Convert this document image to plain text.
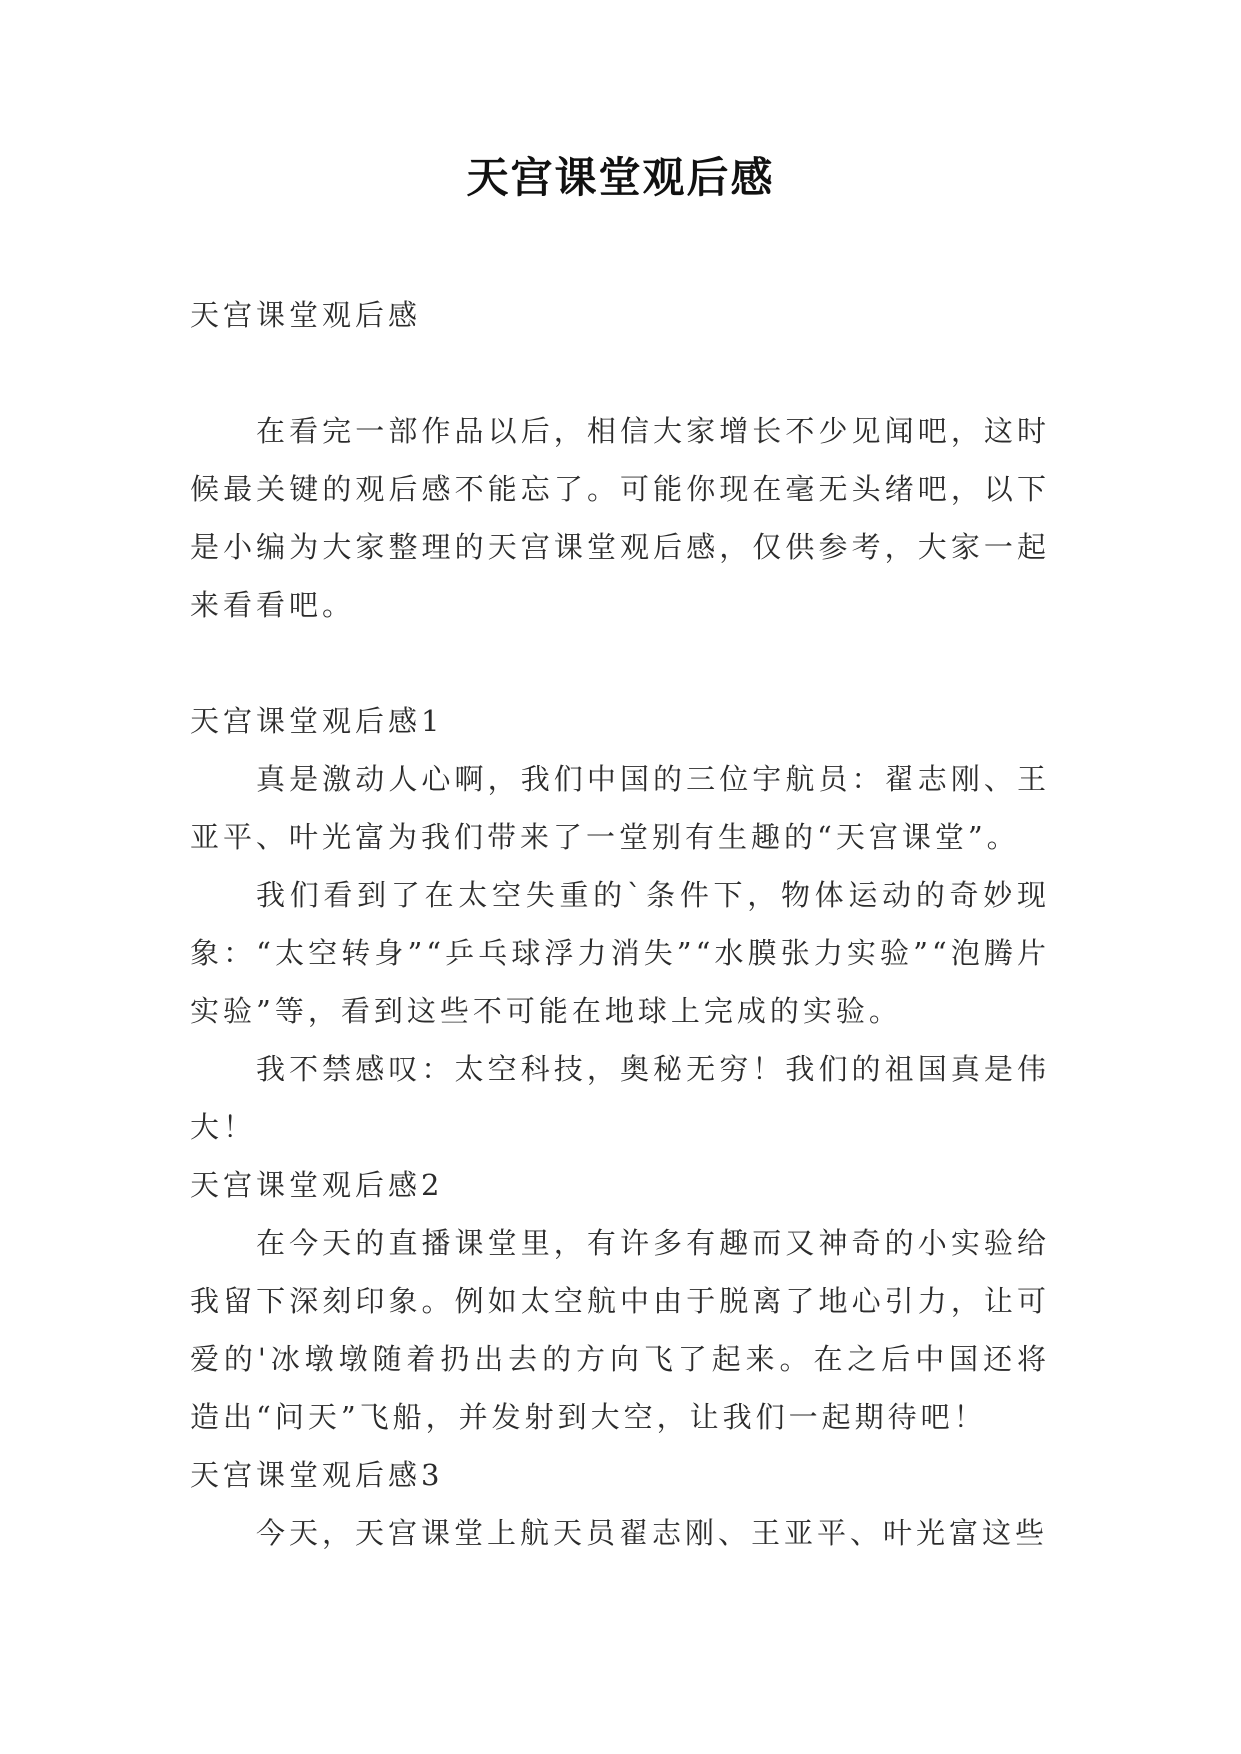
天宫课堂观后感

天宫课堂观后感

在看完一部作品以后，相信大家增长不少见闻吧，这时候最关键的观后感不能忘了。可能你现在毫无头绪吧，以下是小编为大家整理的天宫课堂观后感，仅供参考，大家一起来看看吧。

天宫课堂观后感1

真是激动人心啊，我们中国的三位宇航员：翟志刚、王亚平、叶光富为我们带来了一堂别有生趣的“天宫课堂”。

我们看到了在太空失重的`条件下，物体运动的奇妙现象：“太空转身”“乒乓球浮力消失”“水膜张力实验”“泡腾片实验”等，看到这些不可能在地球上完成的实验。

我不禁感叹：太空科技，奥秘无穷！我们的祖国真是伟大！

天宫课堂观后感2

在今天的直播课堂里，有许多有趣而又神奇的小实验给我留下深刻印象。例如太空航中由于脱离了地心引力，让可爱的'冰墩墩随着扔出去的方向飞了起来。在之后中国还将造出“问天”飞船，并发射到大空，让我们一起期待吧！

天宫课堂观后感3

今天，天宫课堂上航天员翟志刚、王亚平、叶光富这些
